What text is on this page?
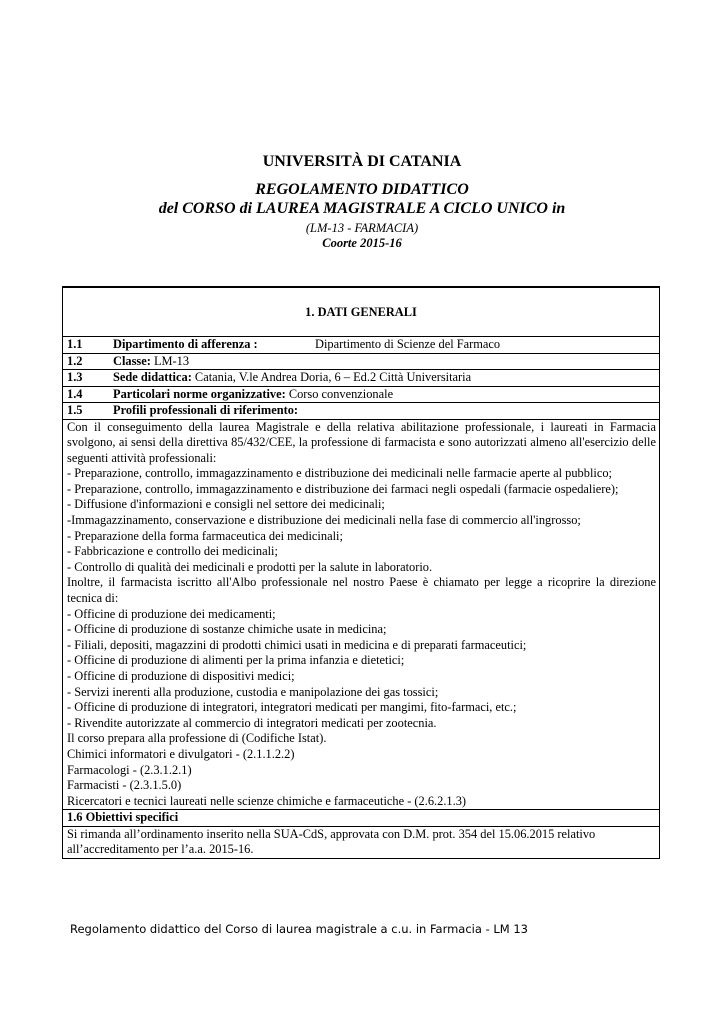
UNIVERSITÀ DI CATANIA
REGOLAMENTO DIDATTICO
del CORSO di LAUREA MAGISTRALE A CICLO UNICO in
(LM-13 - FARMACIA)
Coorte 2015-16
1. DATI GENERALI
1.1 Dipartimento di afferenza :	Dipartimento di Scienze del Farmaco
1.2 Classe: LM-13
1.3 Sede didattica: Catania, V.le Andrea Doria, 6 – Ed.2 Città Universitaria
1.4 Particolari norme organizzative: Corso convenzionale
1.5 Profili professionali di riferimento:

Con il conseguimento della laurea Magistrale e della relativa abilitazione professionale, i laureati in Farmacia svolgono, ai sensi della direttiva 85/432/CEE, la professione di farmacista e sono autorizzati almeno all'esercizio delle seguenti attività professionali:

- Preparazione, controllo, immagazzinamento e distribuzione dei medicinali nelle farmacie aperte al pubblico;

- Preparazione, controllo, immagazzinamento e distribuzione dei farmaci negli ospedali (farmacie ospedaliere);

- Diffusione d'informazioni e consigli nel settore dei medicinali;

-Immagazzinamento, conservazione e distribuzione dei medicinali nella fase di commercio all'ingrosso;

- Preparazione della forma farmaceutica dei medicinali;

- Fabbricazione e controllo dei medicinali;

- Controllo di qualità dei medicinali e prodotti per la salute in laboratorio.

Inoltre, il farmacista iscritto all'Albo professionale nel nostro Paese è chiamato per legge a ricoprire la direzione tecnica di:

- Officine di produzione dei medicamenti;

- Officine di produzione di sostanze chimiche usate in medicina;

- Filiali, depositi, magazzini di prodotti chimici usati in medicina e di preparati farmaceutici;

- Officine di produzione di alimenti per la prima infanzia e dietetici;

- Officine di produzione di dispositivi medici;

- Servizi inerenti alla produzione, custodia e manipolazione dei gas tossici;

- Officine di produzione di integratori, integratori medicati per mangimi, fito-farmaci, etc.;

- Rivendite autorizzate al commercio di integratori medicati per zootecnia.

Il corso prepara alla professione di (Codifiche Istat).

Chimici informatori e divulgatori - (2.1.1.2.2)

Farmacologi - (2.3.1.2.1)

Farmacisti - (2.3.1.5.0)

Ricercatori e tecnici laureati nelle scienze chimiche e farmaceutiche - (2.6.2.1.3)

1.6 Obiettivi specifici
Si rimanda all’ordinamento inserito nella SUA-CdS, approvata con D.M. prot. 354 del 15.06.2015 relativo all’accreditamento per l’a.a. 2015-16.
Regolamento didattico del Corso di laurea magistrale a c.u. in Farmacia - LM 13
